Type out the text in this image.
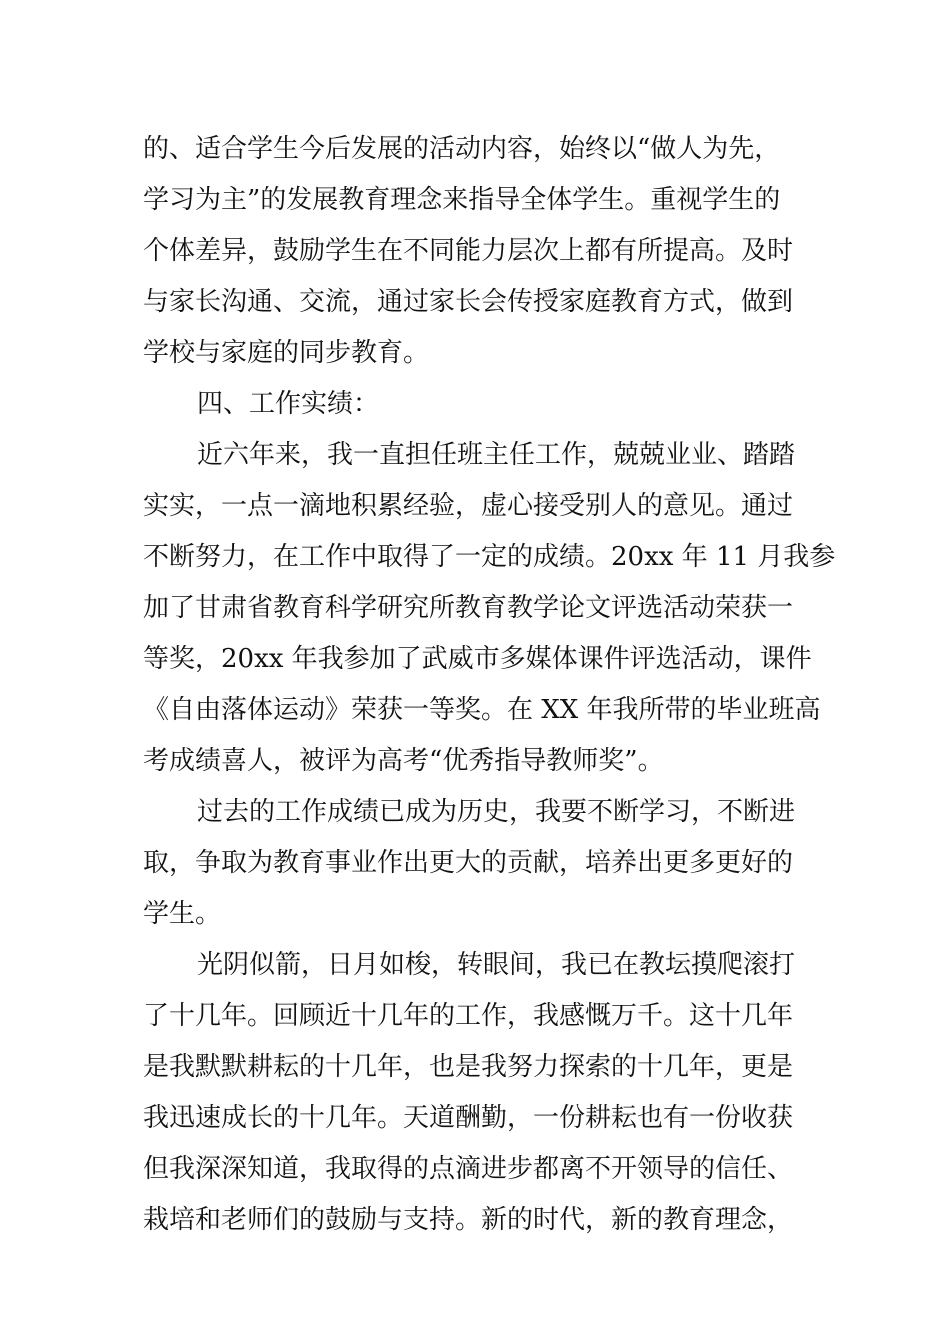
的、适合学生今后发展的活动内容，始终以“做人为先，
学习为主”的发展教育理念来指导全体学生。重视学生的
个体差异，鼓励学生在不同能力层次上都有所提高。及时
与家长沟通、交流，通过家长会传授家庭教育方式，做到
学校与家庭的同步教育。
四、工作实绩：
近六年来，我一直担任班主任工作，兢兢业业、踏踏
实实，一点一滴地积累经验，虚心接受别人的意见。通过
不断努力，在工作中取得了一定的成绩。20xx 年 11 月我参
加了甘肃省教育科学研究所教育教学论文评选活动荣获一
等奖，20xx 年我参加了武威市多媒体课件评选活动，课件
《自由落体运动》荣获一等奖。在 XX 年我所带的毕业班高
考成绩喜人，被评为高考“优秀指导教师奖”。
过去的工作成绩已成为历史，我要不断学习，不断进
取，争取为教育事业作出更大的贡献，培养出更多更好的
学生。
光阴似箭，日月如梭，转眼间，我已在教坛摸爬滚打
了十几年。回顾近十几年的工作，我感慨万千。这十几年
是我默默耕耘的十几年，也是我努力探索的十几年，更是
我迅速成长的十几年。天道酬勤，一份耕耘也有一份收获
但我深深知道，我取得的点滴进步都离不开领导的信任、
栽培和老师们的鼓励与支持。新的时代，新的教育理念，
